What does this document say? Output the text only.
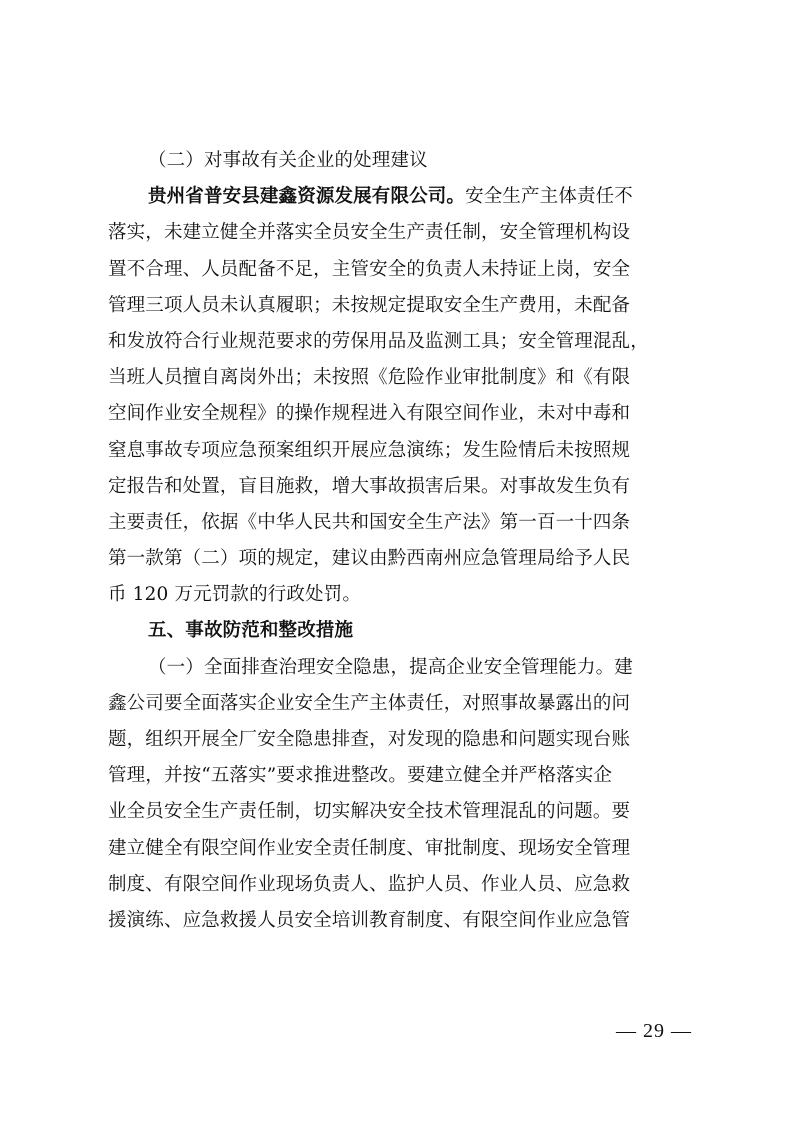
（二）对事故有关企业的处理建议
贵州省普安县建鑫资源发展有限公司。安全生产主体责任不
落实，未建立健全并落实全员安全生产责任制，安全管理机构设
置不合理、人员配备不足，主管安全的负责人未持证上岗，安全
管理三项人员未认真履职；未按规定提取安全生产费用，未配备
和发放符合行业规范要求的劳保用品及监测工具；安全管理混乱，
当班人员擅自离岗外出；未按照《危险作业审批制度》和《有限
空间作业安全规程》的操作规程进入有限空间作业，未对中毒和
窒息事故专项应急预案组织开展应急演练；发生险情后未按照规
定报告和处置，盲目施救，增大事故损害后果。对事故发生负有
主要责任，依据《中华人民共和国安全生产法》第一百一十四条
第一款第（二）项的规定，建议由黔西南州应急管理局给予人民
币 120 万元罚款的行政处罚。
五、事故防范和整改措施
（一）全面排查治理安全隐患，提高企业安全管理能力。建
鑫公司要全面落实企业安全生产主体责任，对照事故暴露出的问
题，组织开展全厂安全隐患排查，对发现的隐患和问题实现台账
管理，并按“五落实”要求推进整改。要建立健全并严格落实企
业全员安全生产责任制，切实解决安全技术管理混乱的问题。要
建立健全有限空间作业安全责任制度、审批制度、现场安全管理
制度、有限空间作业现场负责人、监护人员、作业人员、应急救
援演练、应急救援人员安全培训教育制度、有限空间作业应急管
— 29 —
